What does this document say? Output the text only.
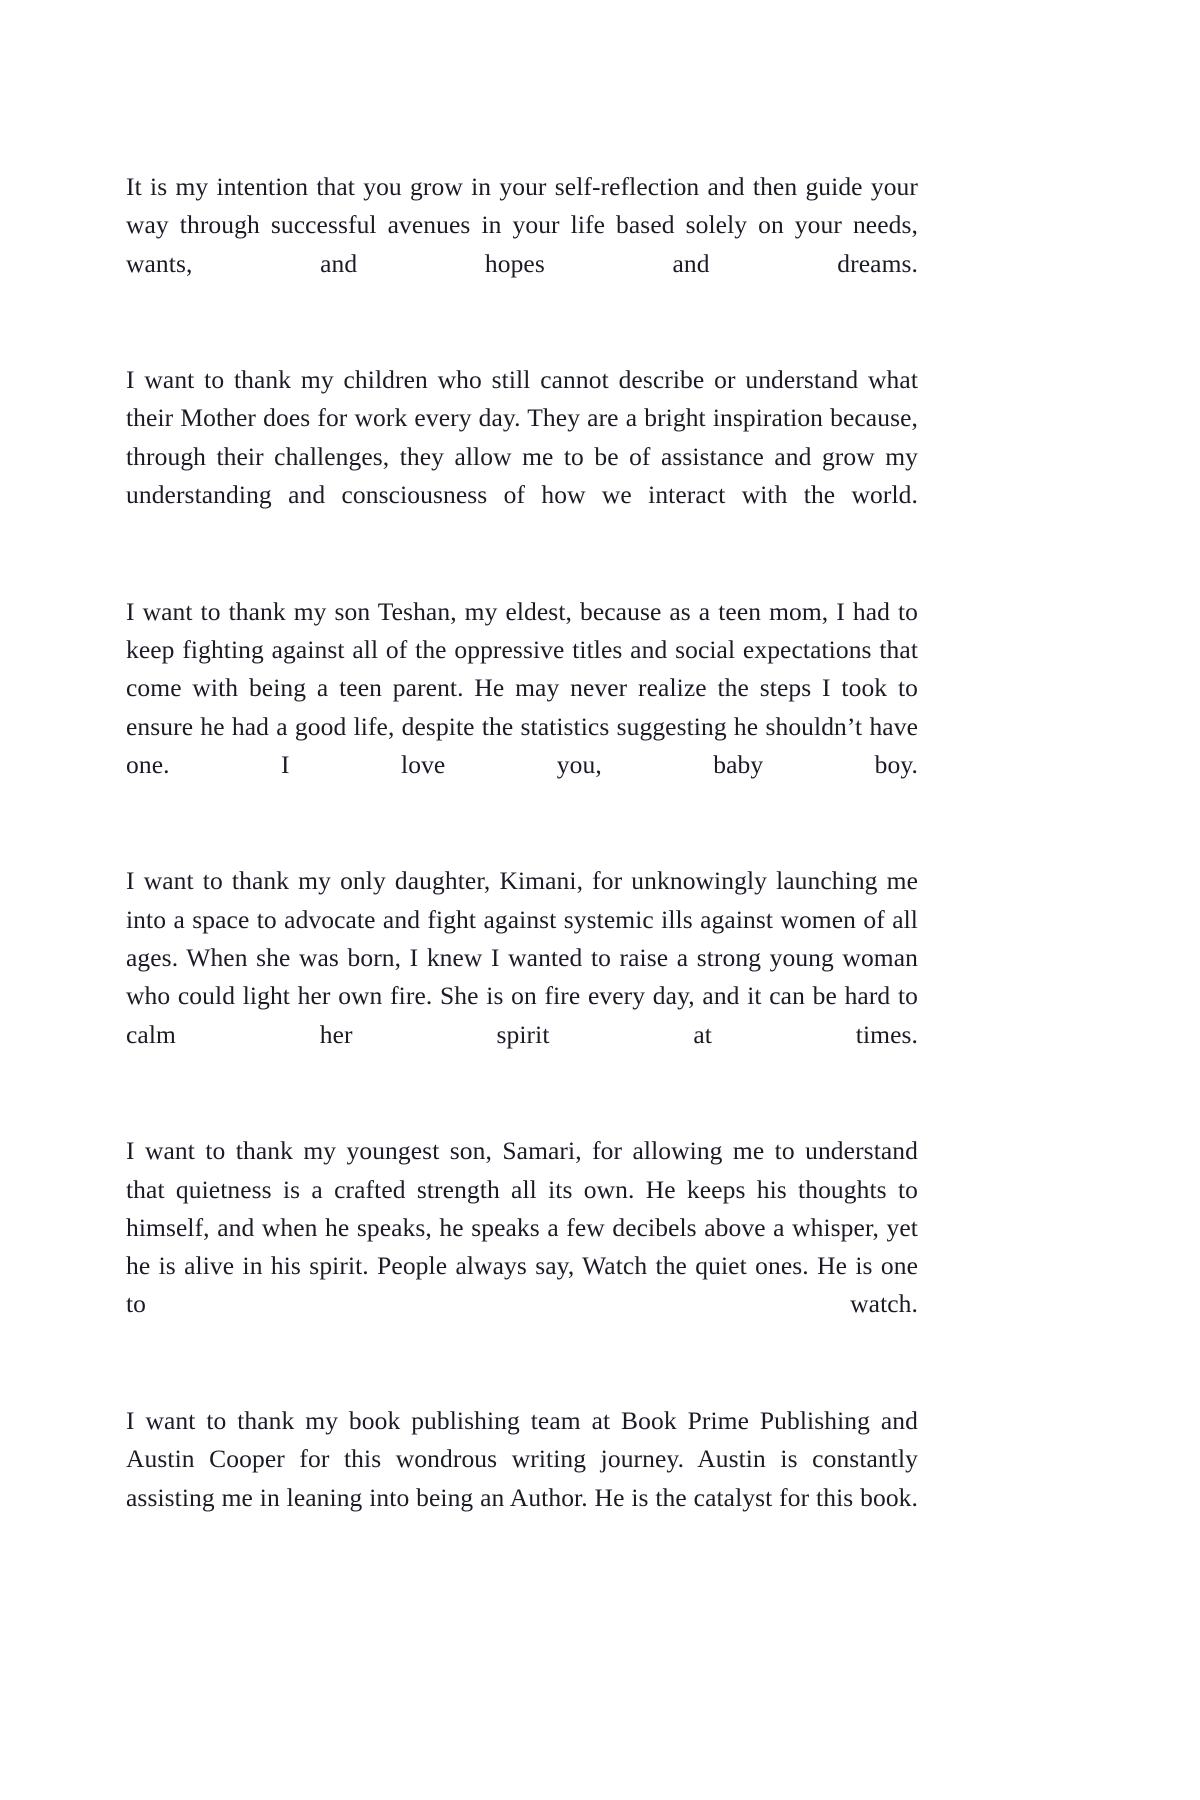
It is my intention that you grow in your self-reflection and then guide your way through successful avenues in your life based solely on your needs, wants, and hopes and dreams.

I want to thank my children who still cannot describe or understand what their Mother does for work every day. They are a bright inspiration because, through their challenges, they allow me to be of assistance and grow my understanding and consciousness of how we interact with the world.

I want to thank my son Teshan, my eldest, because as a teen mom, I had to keep fighting against all of the oppressive titles and social expectations that come with being a teen parent. He may never realize the steps I took to ensure he had a good life, despite the statistics suggesting he shouldn’t have one. I love you, baby boy.

I want to thank my only daughter, Kimani, for unknowingly launching me into a space to advocate and fight against systemic ills against women of all ages. When she was born, I knew I wanted to raise a strong young woman who could light her own fire. She is on fire every day, and it can be hard to calm her spirit at times.

I want to thank my youngest son, Samari, for allowing me to understand that quietness is a crafted strength all its own. He keeps his thoughts to himself, and when he speaks, he speaks a few decibels above a whisper, yet he is alive in his spirit. People always say, Watch the quiet ones. He is one to watch.

I want to thank my book publishing team at Book Prime Publishing and Austin Cooper for this wondrous writing journey. Austin is constantly assisting me in leaning into being an Author. He is the catalyst for this book.
